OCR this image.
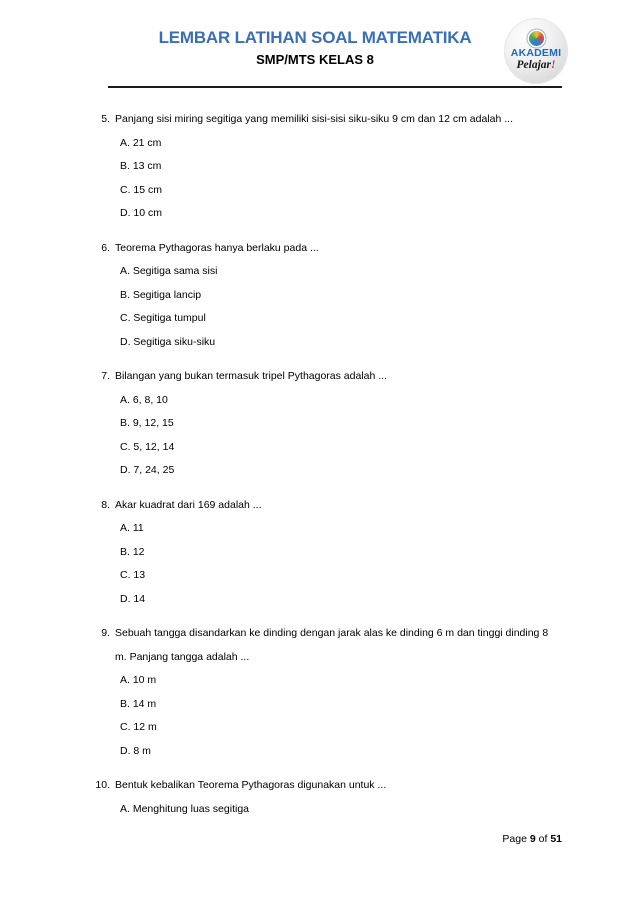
LEMBAR LATIHAN SOAL MATEMATIKA
SMP/MTS KELAS 8	AKADEMI
Pelajar!
5. Panjang sisi miring segitiga yang memiliki sisi-sisi siku-siku 9 cm dan 12 cm adalah ...
A. 21 cm
B. 13 cm
C. 15 cm
D. 10 cm
6. Teorema Pythagoras hanya berlaku pada ...
A. Segitiga sama sisi
B. Segitiga lancip
C. Segitiga tumpul
D. Segitiga siku-siku
7. Bilangan yang bukan termasuk tripel Pythagoras adalah ...
A. 6, 8, 10
B. 9, 12, 15
C. 5, 12, 14
D. 7, 24, 25
8. Akar kuadrat dari 169 adalah ...
A. 11
B. 12
C. 13
D. 14
9. Sebuah tangga disandarkan ke dinding dengan jarak alas ke dinding 6 m dan tinggi dinding 8 m. Panjang tangga adalah ...
A. 10 m
B. 14 m
C. 12 m
D. 8 m
10. Bentuk kebalikan Teorema Pythagoras digunakan untuk ...
A. Menghitung luas segitiga
Page 9 of 51
